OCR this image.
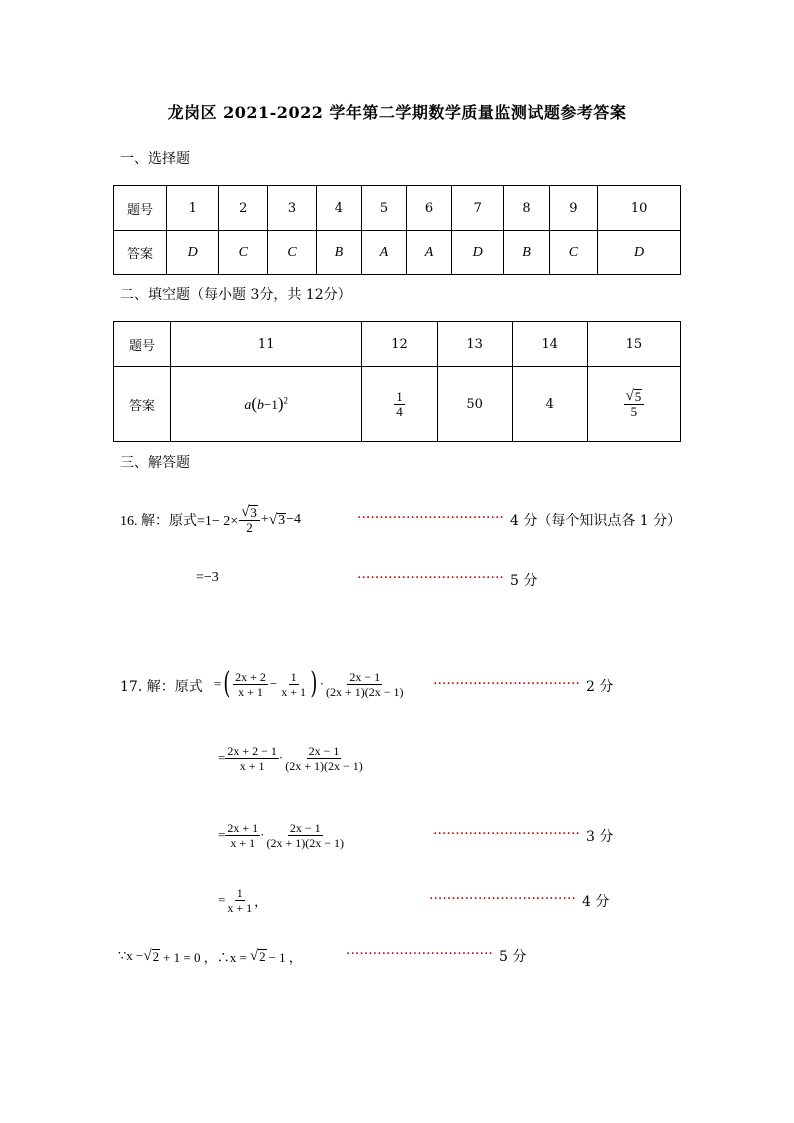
龙岗区 2021-2022 学年第二学期数学质量监测试题参考答案
一、选择题
题号	1	2	3	4	5	6	7	8	9	10
答案	D	C	C	B	A	A	D	B	C	D
二、填空题（每小题 3分，共 12分）
题号	11	12	13	14	15
答案	$a(b-1)^2$	$\frac{1}{4}$	50	4	$\frac{√ 5}{5}$
三、解答题
16. 解：原式$=1- 2\times \frac{√ 3}{2}$ + √ 3 −4	································· 4 分（每个知识点各 1 分）
=−3	································· 5 分
17. 解：原式 = ( $\frac{2x + 2}{x + 1} - \frac{1}{x + 1}$ ) · $\frac{2x - 1}{(2x + 1)(2x - 1)}$ ································· 2 分
= $\frac{2x + 2 - 1}{x + 1} \cdot \frac{2x - 1}{(2x + 1)(2x - 1)}$
= $\frac{2x + 1}{x + 1} \cdot \frac{2x - 1}{(2x + 1)(2x - 1)}$	································· 3 分
= $\frac{1}{x + 1}$ ，	································· 4 分
∵x − √ 2 + 1 = 0 ，∴x = √ 2 − 1 ，	································· 5 分
